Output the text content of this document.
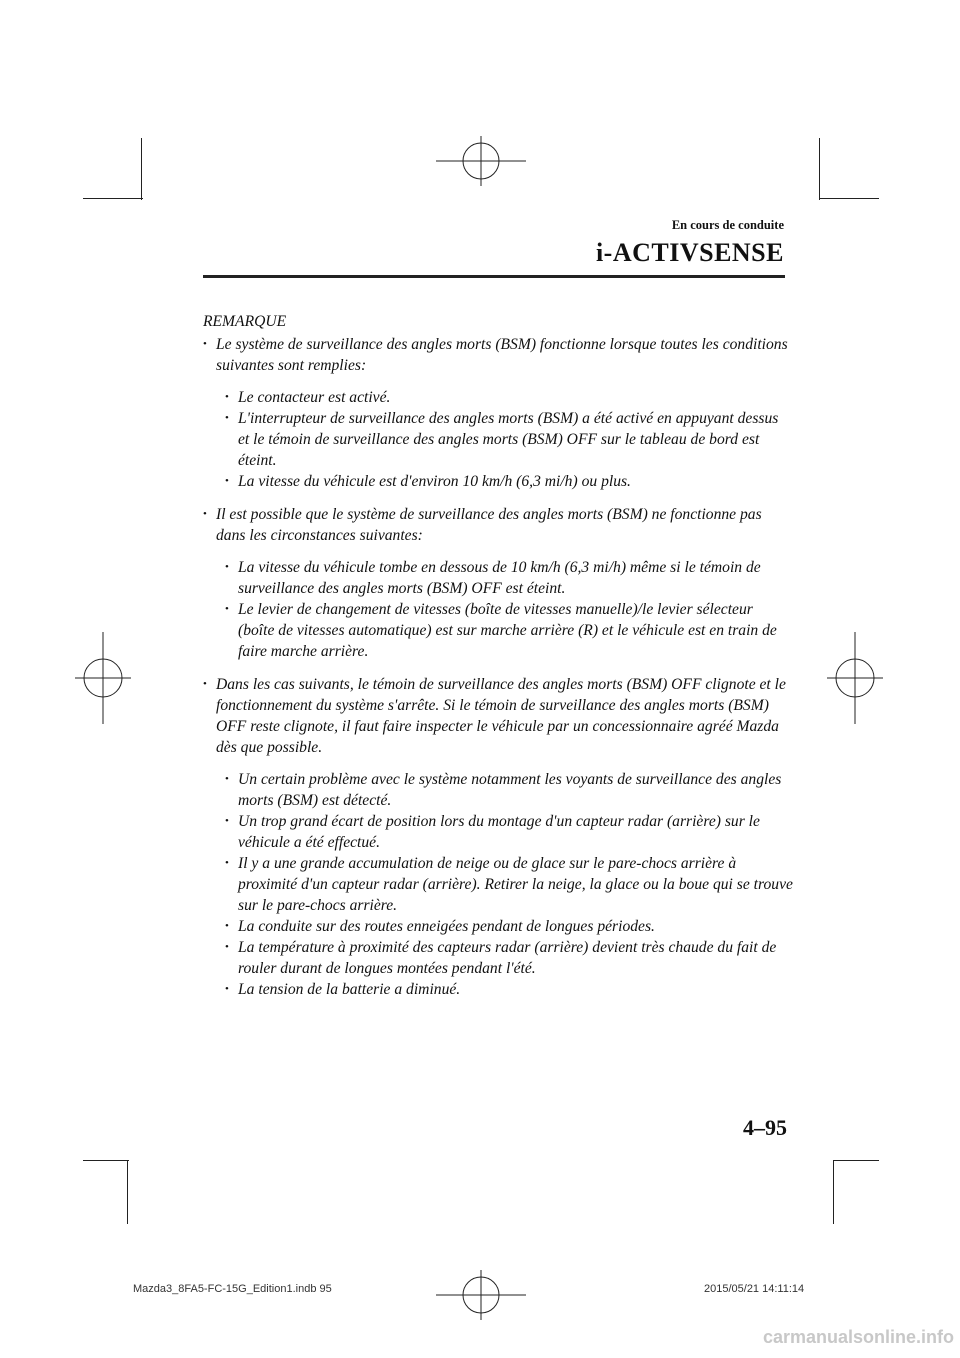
En cours de conduite
i-ACTIVSENSE
REMARQUE
• Le système de surveillance des angles morts (BSM) fonctionne lorsque toutes les conditions suivantes sont remplies:
• Le contacteur est activé.
• L'interrupteur de surveillance des angles morts (BSM) a été activé en appuyant dessus et le témoin de surveillance des angles morts (BSM) OFF sur le tableau de bord est éteint.
• La vitesse du véhicule est d'environ 10 km/h (6,3 mi/h) ou plus.
• Il est possible que le système de surveillance des angles morts (BSM) ne fonctionne pas dans les circonstances suivantes:
• La vitesse du véhicule tombe en dessous de 10 km/h (6,3 mi/h) même si le témoin de surveillance des angles morts (BSM) OFF est éteint.
• Le levier de changement de vitesses (boîte de vitesses manuelle)/le levier sélecteur (boîte de vitesses automatique) est sur marche arrière (R) et le véhicule est en train de faire marche arrière.
• Dans les cas suivants, le témoin de surveillance des angles morts (BSM) OFF clignote et le fonctionnement du système s'arrête. Si le témoin de surveillance des angles morts (BSM) OFF reste clignote, il faut faire inspecter le véhicule par un concessionnaire agréé Mazda dès que possible.
• Un certain problème avec le système notamment les voyants de surveillance des angles morts (BSM) est détecté.
• Un trop grand écart de position lors du montage d'un capteur radar (arrière) sur le véhicule a été effectué.
• Il y a une grande accumulation de neige ou de glace sur le pare-chocs arrière à proximité d'un capteur radar (arrière). Retirer la neige, la glace ou la boue qui se trouve sur le pare-chocs arrière.
• La conduite sur des routes enneigées pendant de longues périodes.
• La température à proximité des capteurs radar (arrière) devient très chaude du fait de rouler durant de longues montées pendant l'été.
• La tension de la batterie a diminué.
4–95
Mazda3_8FA5-FC-15G_Edition1.indb 95	2015/05/21 14:11:14
carmanualsonline.info
